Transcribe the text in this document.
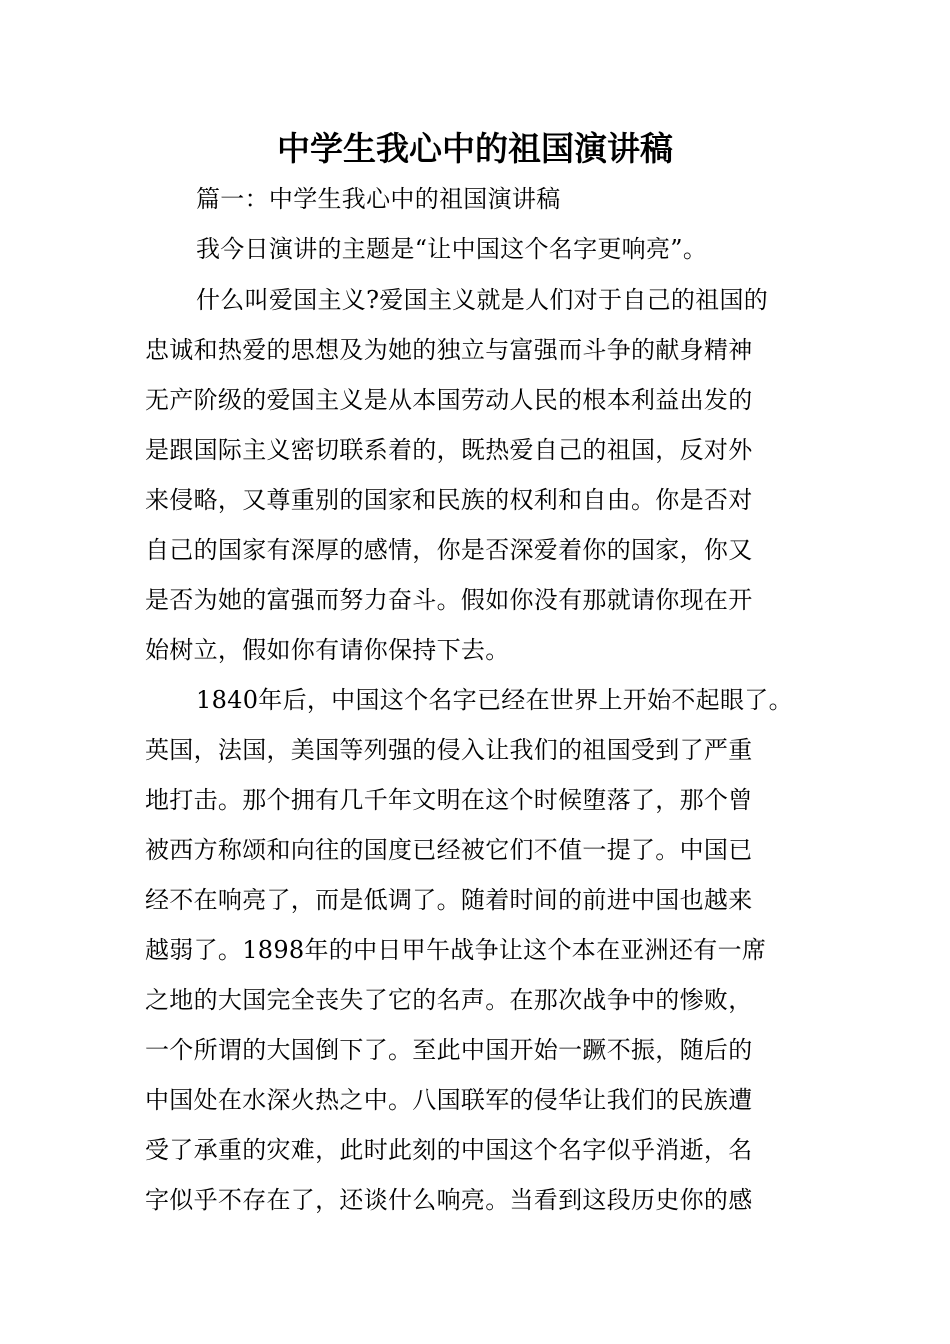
中学生我心中的祖国演讲稿
篇一：中学生我心中的祖国演讲稿
我今日演讲的主题是“让中国这个名字更响亮”。
什么叫爱国主义?爱国主义就是人们对于自己的祖国的
忠诚和热爱的思想及为她的独立与富强而斗争的献身精神
无产阶级的爱国主义是从本国劳动人民的根本利益出发的
是跟国际主义密切联系着的，既热爱自己的祖国，反对外
来侵略，又尊重别的国家和民族的权利和自由。你是否对
自己的国家有深厚的感情，你是否深爱着你的国家，你又
是否为她的富强而努力奋斗。假如你没有那就请你现在开
始树立，假如你有请你保持下去。
1840年后，中国这个名字已经在世界上开始不起眼了。
英国，法国，美国等列强的侵入让我们的祖国受到了严重
地打击。那个拥有几千年文明在这个时候堕落了，那个曾
被西方称颂和向往的国度已经被它们不值一提了。中国已
经不在响亮了，而是低调了。随着时间的前进中国也越来
越弱了。1898年的中日甲午战争让这个本在亚洲还有一席
之地的大国完全丧失了它的名声。在那次战争中的惨败，
一个所谓的大国倒下了。至此中国开始一蹶不振，随后的
中国处在水深火热之中。八国联军的侵华让我们的民族遭
受了承重的灾难，此时此刻的中国这个名字似乎消逝，名
字似乎不存在了，还谈什么响亮。当看到这段历史你的感
